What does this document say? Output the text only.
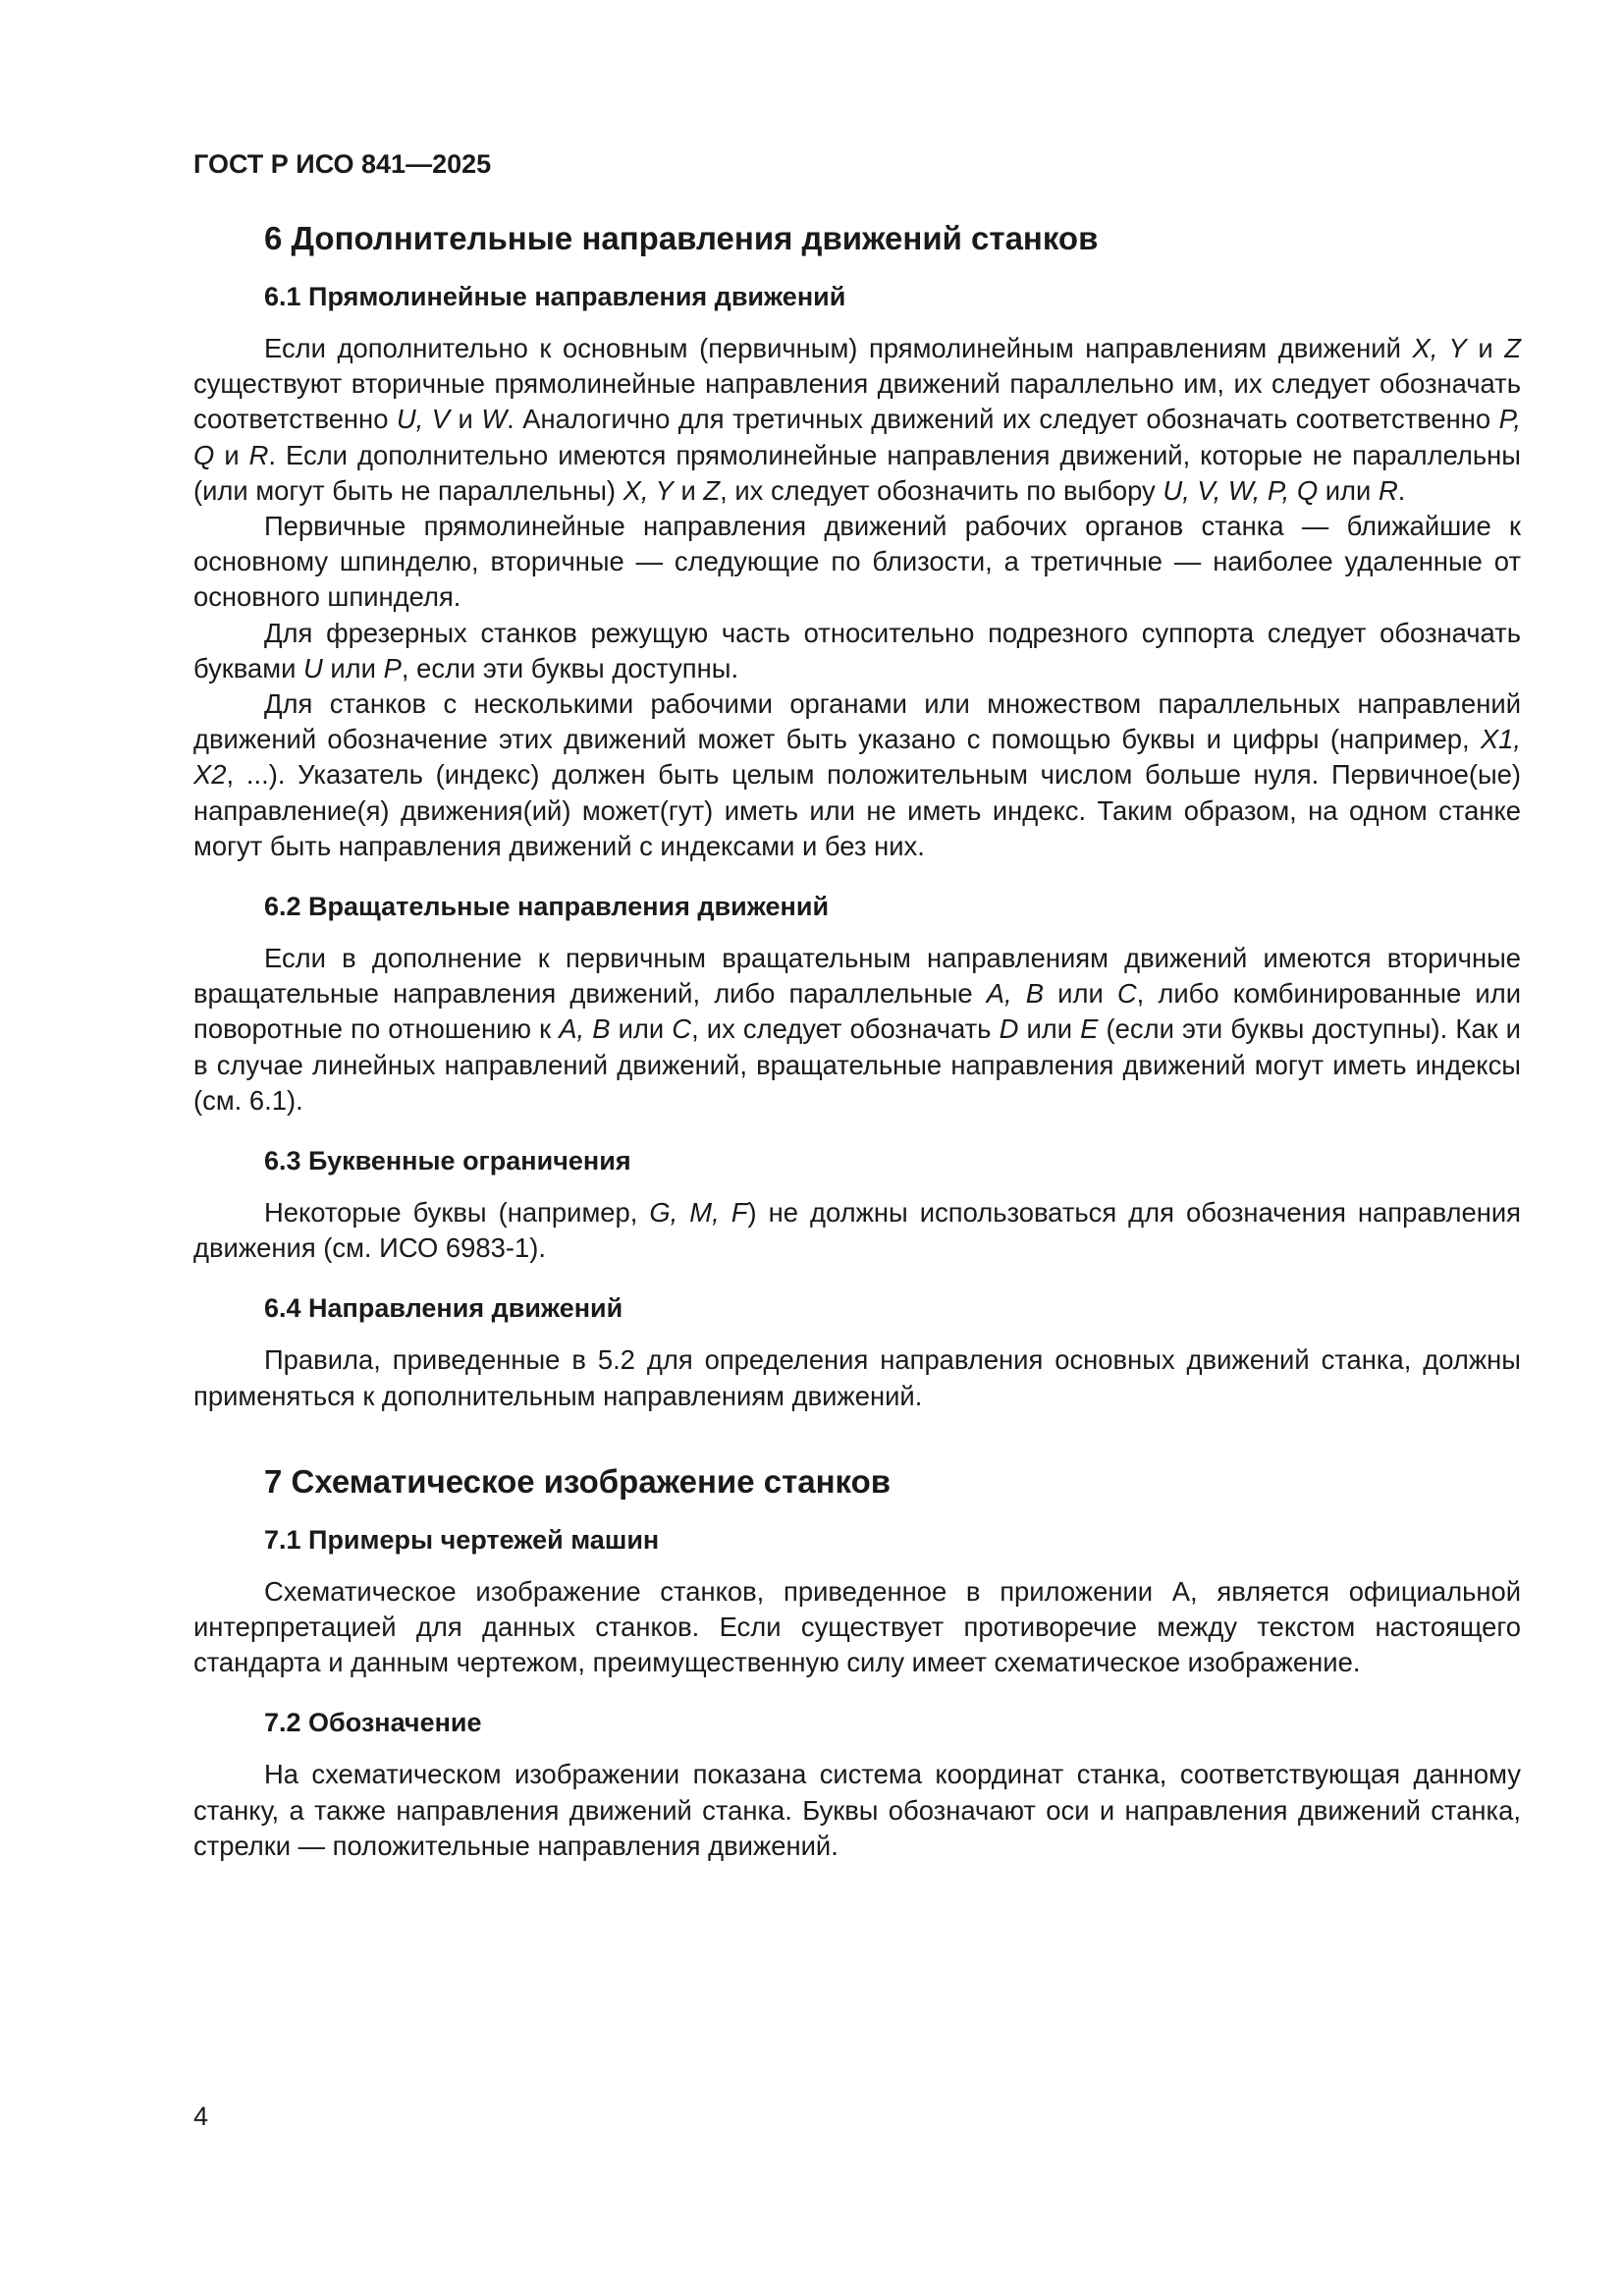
ГОСТ Р ИСО 841—2025
6 Дополнительные направления движений станков
6.1 Прямолинейные направления движений

Если дополнительно к основным (первичным) прямолинейным направлениям движений X, Y и Z существуют вторичные прямолинейные направления движений параллельно им, их следует обозначать соответственно U, V и W. Аналогично для третичных движений их следует обозначать соответственно P, Q и R. Если дополнительно имеются прямолинейные направления движений, которые не параллельны (или могут быть не параллельны) X, Y и Z, их следует обозначить по выбору U, V, W, P, Q или R.

Первичные прямолинейные направления движений рабочих органов станка — ближайшие к основному шпинделю, вторичные — следующие по близости, а третичные — наиболее удаленные от основного шпинделя.

Для фрезерных станков режущую часть относительно подрезного суппорта следует обозначать буквами U или P, если эти буквы доступны.

Для станков с несколькими рабочими органами или множеством параллельных направлений движений обозначение этих движений может быть указано с помощью буквы и цифры (например, X1, X2, ...). Указатель (индекс) должен быть целым положительным числом больше нуля. Первичное(ые) направление(я) движения(ий) может(гут) иметь или не иметь индекс. Таким образом, на одном станке могут быть направления движений с индексами и без них.

6.2 Вращательные направления движений

Если в дополнение к первичным вращательным направлениям движений имеются вторичные вращательные направления движений, либо параллельные A, B или C, либо комбинированные или поворотные по отношению к A, B или C, их следует обозначать D или E (если эти буквы доступны). Как и в случае линейных направлений движений, вращательные направления движений могут иметь индексы (см. 6.1).

6.3 Буквенные ограничения

Некоторые буквы (например, G, M, F) не должны использоваться для обозначения направления движения (см. ИСО 6983-1).

6.4 Направления движений

Правила, приведенные в 5.2 для определения направления основных движений станка, должны применяться к дополнительным направлениям движений.

7 Схематическое изображение станков
7.1 Примеры чертежей машин

Схематическое изображение станков, приведенное в приложении А, является официальной интерпретацией для данных станков. Если существует противоречие между текстом настоящего стандарта и данным чертежом, преимущественную силу имеет схематическое изображение.

7.2 Обозначение

На схематическом изображении показана система координат станка, соответствующая данному станку, а также направления движений станка. Буквы обозначают оси и направления движений станка, стрелки — положительные направления движений.

4
